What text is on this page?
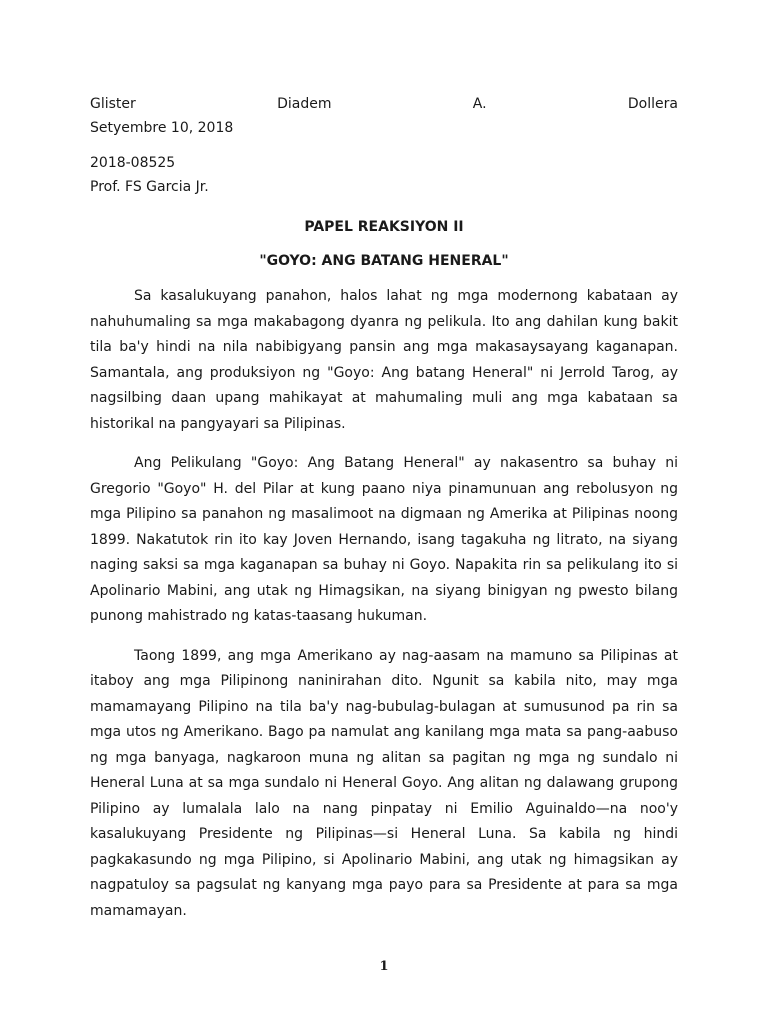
Glister	Diadem	A.	Dollera
Setyembre 10, 2018
2018-08525
Prof. FS Garcia Jr.
PAPEL REAKSIYON II
"GOYO: ANG BATANG HENERAL"

Sa kasalukuyang panahon, halos lahat ng mga modernong kabataan ay nahuhumaling sa mga makabagong dyanra ng pelikula. Ito ang dahilan kung bakit tila ba'y hindi na nila nabibigyang pansin ang mga makasaysayang kaganapan. Samantala, ang produksiyon ng "Goyo: Ang batang Heneral" ni Jerrold Tarog, ay nagsilbing daan upang mahikayat at mahumaling muli ang mga kabataan sa historikal na pangyayari sa Pilipinas.

Ang Pelikulang "Goyo: Ang Batang Heneral" ay nakasentro sa buhay ni Gregorio "Goyo" H. del Pilar at kung paano niya pinamunuan ang rebolusyon ng mga Pilipino sa panahon ng masalimoot na digmaan ng Amerika at Pilipinas noong 1899. Nakatutok rin ito kay Joven Hernando, isang tagakuha ng litrato, na siyang naging saksi sa mga kaganapan sa buhay ni Goyo. Napakita rin sa pelikulang ito si Apolinario Mabini, ang utak ng Himagsikan, na siyang binigyan ng pwesto bilang punong mahistrado ng katas-taasang hukuman.

Taong 1899, ang mga Amerikano ay nag-aasam na mamuno sa Pilipinas at itaboy ang mga Pilipinong naninirahan dito. Ngunit sa kabila nito, may mga mamamayang Pilipino na tila ba'y nag-bubulag-bulagan at sumusunod pa rin sa mga utos ng Amerikano. Bago pa namulat ang kanilang mga mata sa pang-aabuso ng mga banyaga, nagkaroon muna ng alitan sa pagitan ng mga ng sundalo ni Heneral Luna at sa mga sundalo ni Heneral Goyo. Ang alitan ng dalawang grupong Pilipino ay lumalala lalo na nang pinpatay ni Emilio Aguinaldo—na noo'y kasalukuyang Presidente ng Pilipinas—si Heneral Luna. Sa kabila ng hindi pagkakasundo ng mga Pilipino, si Apolinario Mabini, ang utak ng himagsikan ay nagpatuloy sa pagsulat ng kanyang mga payo para sa Presidente at para sa mga mamamayan.

1
